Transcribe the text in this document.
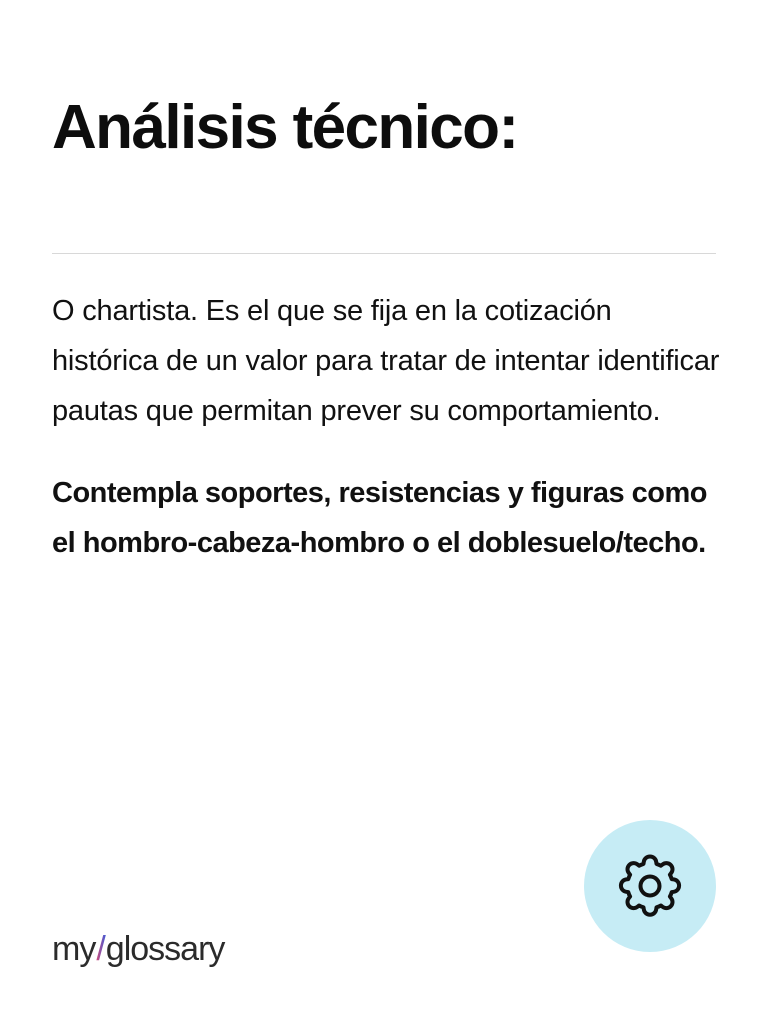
Análisis técnico:

O chartista. Es el que se fija en la cotización histórica de un valor para tratar de intentar identificar pautas que permitan prever su comportamiento.

Contempla soportes, resistencias y figuras como el hombro-cabeza-hombro o el doblesuelo/techo.

my / glossary
